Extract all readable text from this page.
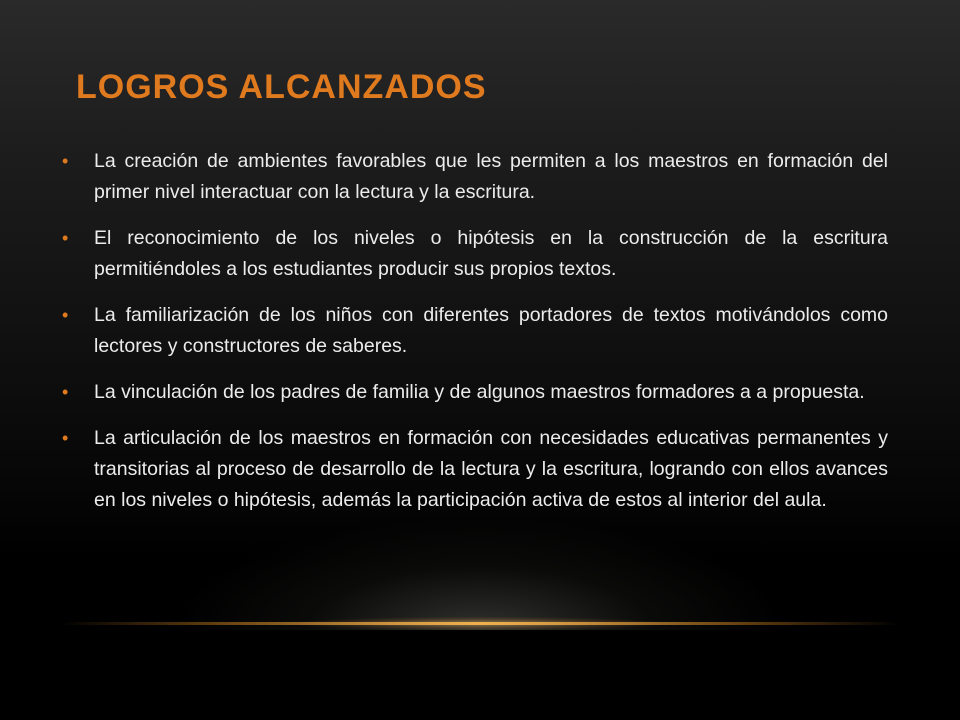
LOGROS ALCANZADOS
• La creación de ambientes favorables que les permiten a los maestros en formación del primer nivel interactuar con la lectura y la escritura.
• El reconocimiento de los niveles o hipótesis en la construcción de la escritura permitiéndoles a los estudiantes producir sus propios textos.
• La familiarización de los niños con diferentes portadores de textos motivándolos como lectores y constructores de saberes.
• La vinculación de los padres de familia y de algunos maestros formadores a a propuesta.
• La articulación de los maestros en formación con necesidades educativas permanentes y transitorias al proceso de desarrollo de la lectura y la escritura, logrando con ellos avances en los niveles o hipótesis, además la participación activa de estos al interior del aula.
